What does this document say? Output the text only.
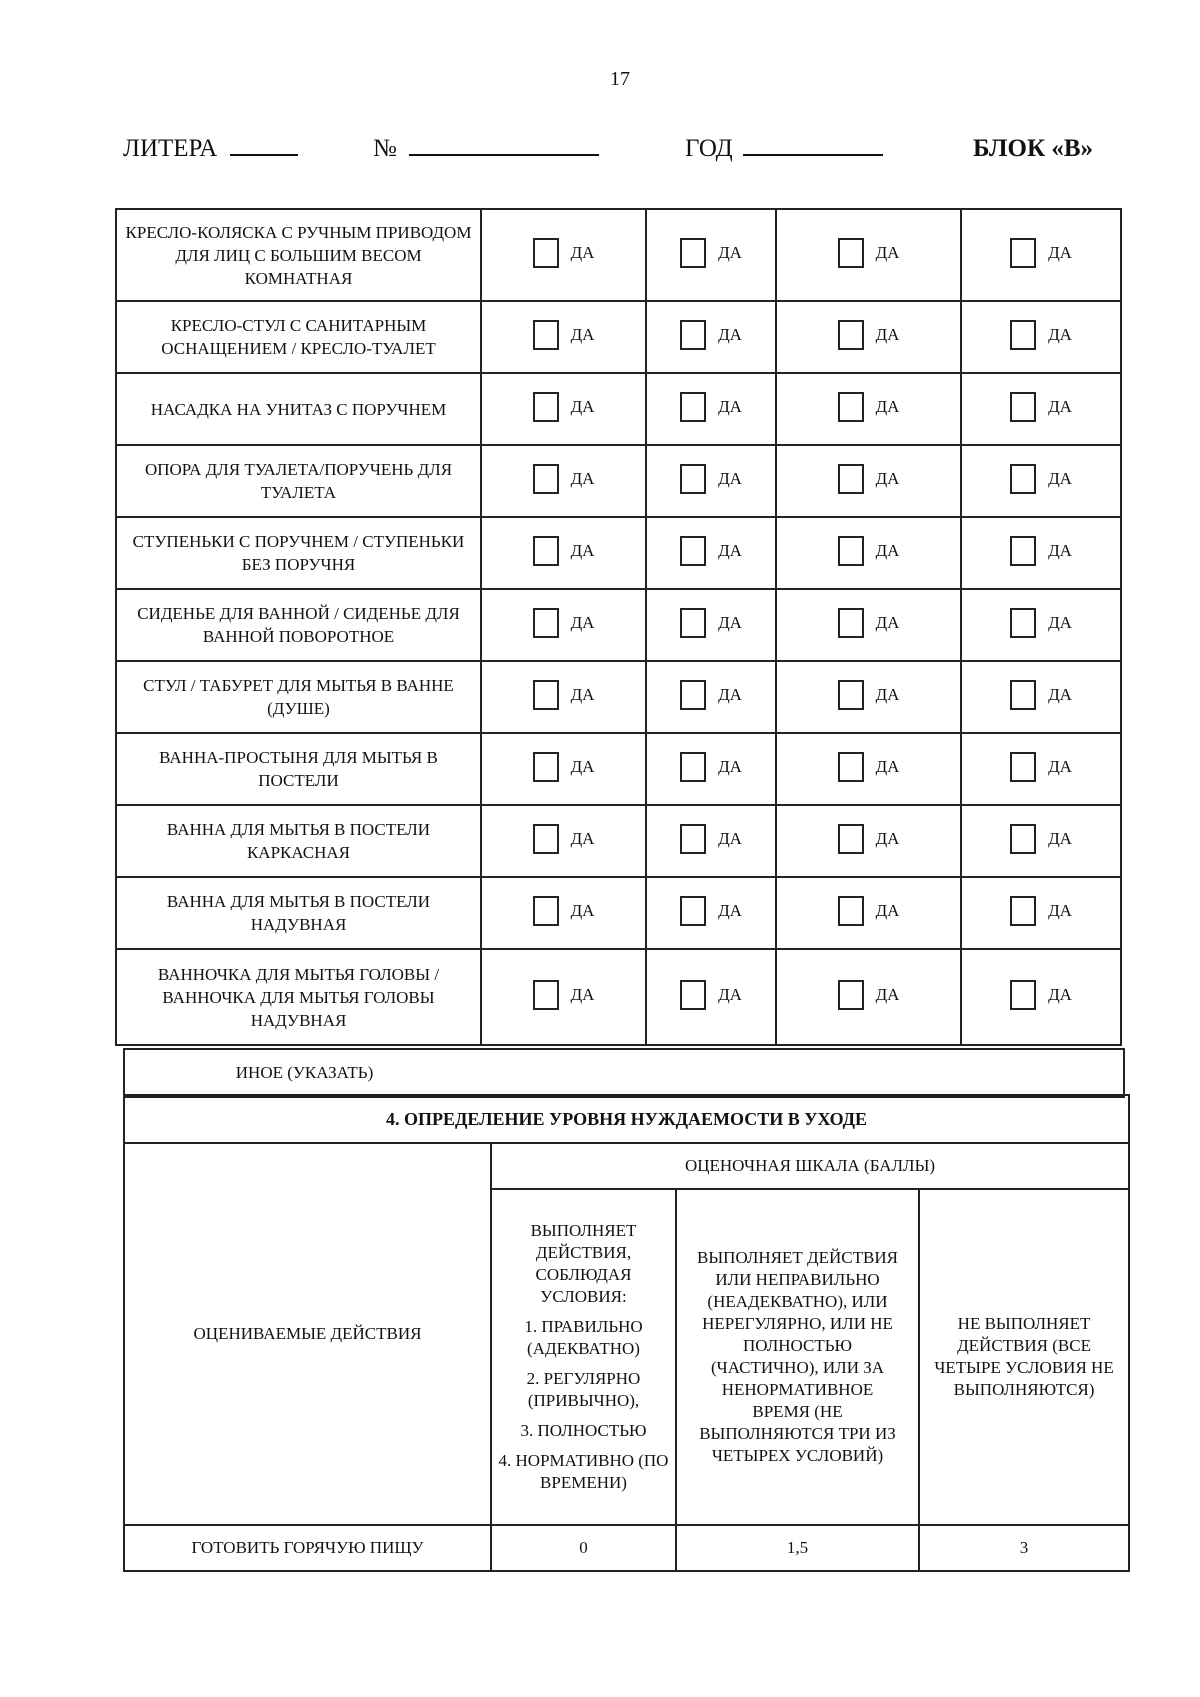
17
ЛИТЕРА	№	ГОД	БЛОК «В»
КРЕСЛО-КОЛЯСКА С РУЧНЫМ ПРИВОДОМ ДЛЯ ЛИЦ С БОЛЬШИМ ВЕСОМ КОМНАТНАЯ	ДА	ДА	ДА	ДА

КРЕСЛО-СТУЛ С САНИТАРНЫМ ОСНАЩЕНИЕМ / КРЕСЛО-ТУАЛЕТ	ДА	ДА	ДА	ДА

НАСАДКА НА УНИТАЗ С ПОРУЧНЕМ	ДА	ДА	ДА	ДА

ОПОРА ДЛЯ ТУАЛЕТА/ПОРУЧЕНЬ ДЛЯ ТУАЛЕТА	ДА	ДА	ДА	ДА

СТУПЕНЬКИ С ПОРУЧНЕМ / СТУПЕНЬКИ БЕЗ ПОРУЧНЯ	ДА	ДА	ДА	ДА

СИДЕНЬЕ ДЛЯ ВАННОЙ / СИДЕНЬЕ ДЛЯ ВАННОЙ ПОВОРОТНОЕ	ДА	ДА	ДА	ДА

СТУЛ / ТАБУРЕТ ДЛЯ МЫТЬЯ В ВАННЕ (ДУШЕ)	ДА	ДА	ДА	ДА

ВАННА-ПРОСТЫНЯ ДЛЯ МЫТЬЯ В ПОСТЕЛИ	ДА	ДА	ДА	ДА

ВАННА ДЛЯ МЫТЬЯ В ПОСТЕЛИ КАРКАСНАЯ	ДА	ДА	ДА	ДА

ВАННА ДЛЯ МЫТЬЯ В ПОСТЕЛИ НАДУВНАЯ	ДА	ДА	ДА	ДА

ВАННОЧКА ДЛЯ МЫТЬЯ ГОЛОВЫ / ВАННОЧКА ДЛЯ МЫТЬЯ ГОЛОВЫ НАДУВНАЯ	ДА	ДА	ДА	ДА
ИНОЕ (УКАЗАТЬ)	
4. ОПРЕДЕЛЕНИЕ УРОВНЯ НУЖДАЕМОСТИ В УХОДЕ			
ОЦЕНИВАЕМЫЕ ДЕЙСТВИЯ	ОЦЕНОЧНАЯ ШКАЛА (БАЛЛЫ)		

	ВЫПОЛНЯЕТ ДЕЙСТВИЯ, СОБЛЮДАЯ УСЛОВИЯ:

1. ПРАВИЛЬНО (АДЕКВАТНО)

2. РЕГУЛЯРНО (ПРИВЫЧНО),

3. ПОЛНОСТЬЮ

4. НОРМАТИВНО (ПО ВРЕМЕНИ)	ВЫПОЛНЯЕТ ДЕЙСТВИЯ ИЛИ НЕПРАВИЛЬНО (НЕАДЕКВАТНО), ИЛИ НЕРЕГУЛЯРНО, ИЛИ НЕ ПОЛНОСТЬЮ (ЧАСТИЧНО), ИЛИ ЗА НЕНОРМАТИВНОЕ ВРЕМЯ (НЕ ВЫПОЛНЯЮТСЯ ТРИ ИЗ ЧЕТЫРЕХ УСЛОВИЙ)	НЕ ВЫПОЛНЯЕТ ДЕЙСТВИЯ (ВСЕ ЧЕТЫРЕ УСЛОВИЯ НЕ ВЫПОЛНЯЮТСЯ)
ГОТОВИТЬ ГОРЯЧУЮ ПИЩУ	0	1,5	3
